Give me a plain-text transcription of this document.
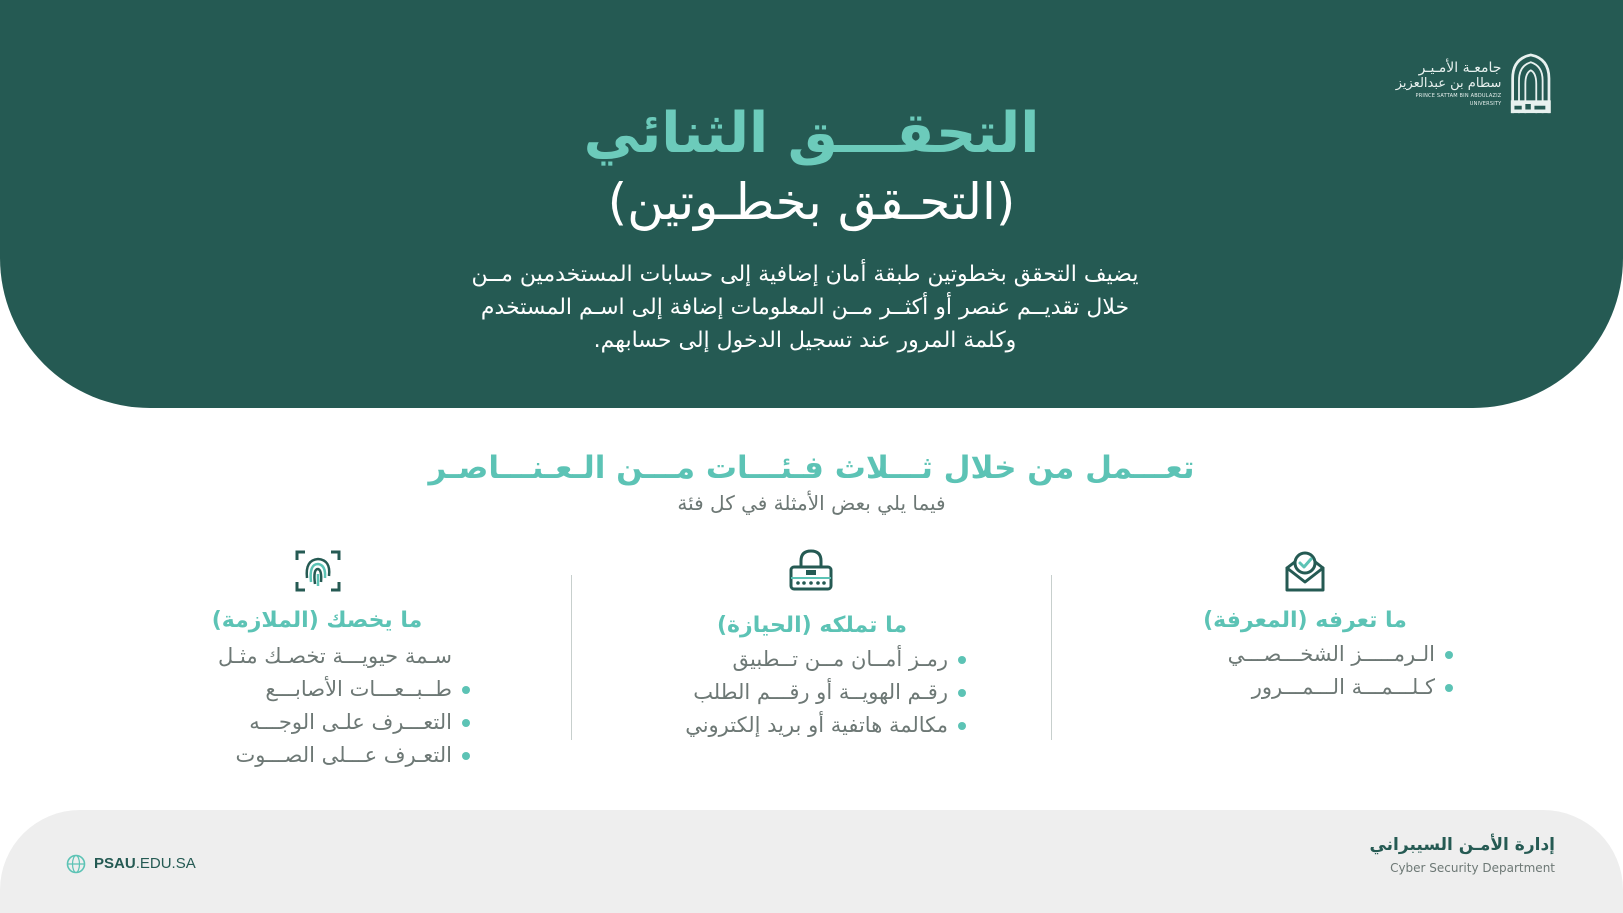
جامعـة الأمـيـر
سطام بن عبدالعزيز
PRINCE SATTAM BIN ABDULAZIZ UNIVERSITY
التحقـــق الثنائي
(التحـقق بخطـوتين)
يضيف التحقق بخطوتين طبقة أمان إضافية إلى حسابات المستخدمين مــن خلال تقديــم عنصر أو أكثــر مــن المعلومات إضافة إلى اسـم المستخدم وكلمة المرور عند تسجيل الدخول إلى حسابهم.
تعـــمل من خلال ثـــلاث فـئـــات مـــن الـعـنـــاصـر
فيما يلي بعض الأمثلة في كل فئة
ما تعرفه (المعرفة)
الـرمـــــز الشخـــصـــي
كـلـــمـــة الـــمـــرور
ما تملكه (الحيازة)
رمـز أمــان مــن تــطبيق
رقـم الهويــة أو رقـــم الطلب
مكالمة هاتفية أو بريد إلكتروني
ما يخصك (الملازمة)
سـمة حيويـــة تخصـك مثـل
طــبــعـــات الأصابـــع
التعـــرف علـى الوجـــه
التعـرف عـــلى الصـــوت
إدارة الأمـن السيبراني
Cyber Security Department
PSAU.EDU.SA
